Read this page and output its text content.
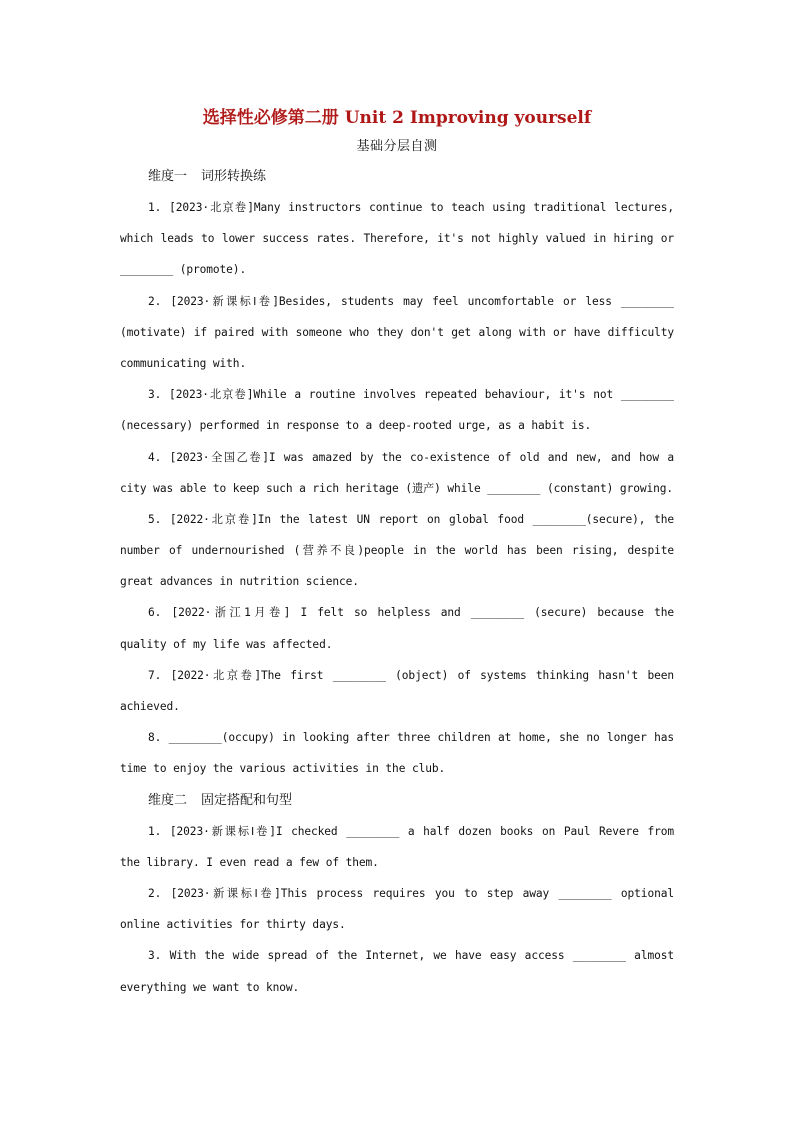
选择性必修第二册 Unit 2 Improving yourself
基础分层自测
维度一 词形转换练
1. [2023·北京卷]Many instructors continue to teach using traditional lectures,
which leads to lower success rates. Therefore, it's not highly valued in hiring or
________ (promote).
2. [2023·新课标Ⅰ卷]Besides, students may feel uncomfortable or less ________
(motivate) if paired with someone who they don't get along with or have difficulty
communicating with.
3. [2023·北京卷]While a routine involves repeated behaviour, it's not ________
(necessary) performed in response to a deep-rooted urge, as a habit is.
4. [2023·全国乙卷]I was amazed by the co-existence of old and new, and how a
city was able to keep such a rich heritage (遗产) while ________ (constant) growing.
5. [2022·北京卷]In the latest UN report on global food ________(secure), the
number of undernourished (营养不良)people in the world has been rising, despite
great advances in nutrition science.
6. [2022·浙江1月卷] I felt so helpless and ________ (secure) because the
quality of my life was affected.
7. [2022·北京卷]The first ________ (object) of systems thinking hasn't been
achieved.
8. ________(occupy) in looking after three children at home, she no longer has
time to enjoy the various activities in the club.
维度二 固定搭配和句型
1. [2023·新课标Ⅰ卷]I checked ________ a half dozen books on Paul Revere from
the library. I even read a few of them.
2. [2023·新课标Ⅰ卷]This process requires you to step away ________ optional
online activities for thirty days.
3. With the wide spread of the Internet, we have easy access ________ almost
everything we want to know.
